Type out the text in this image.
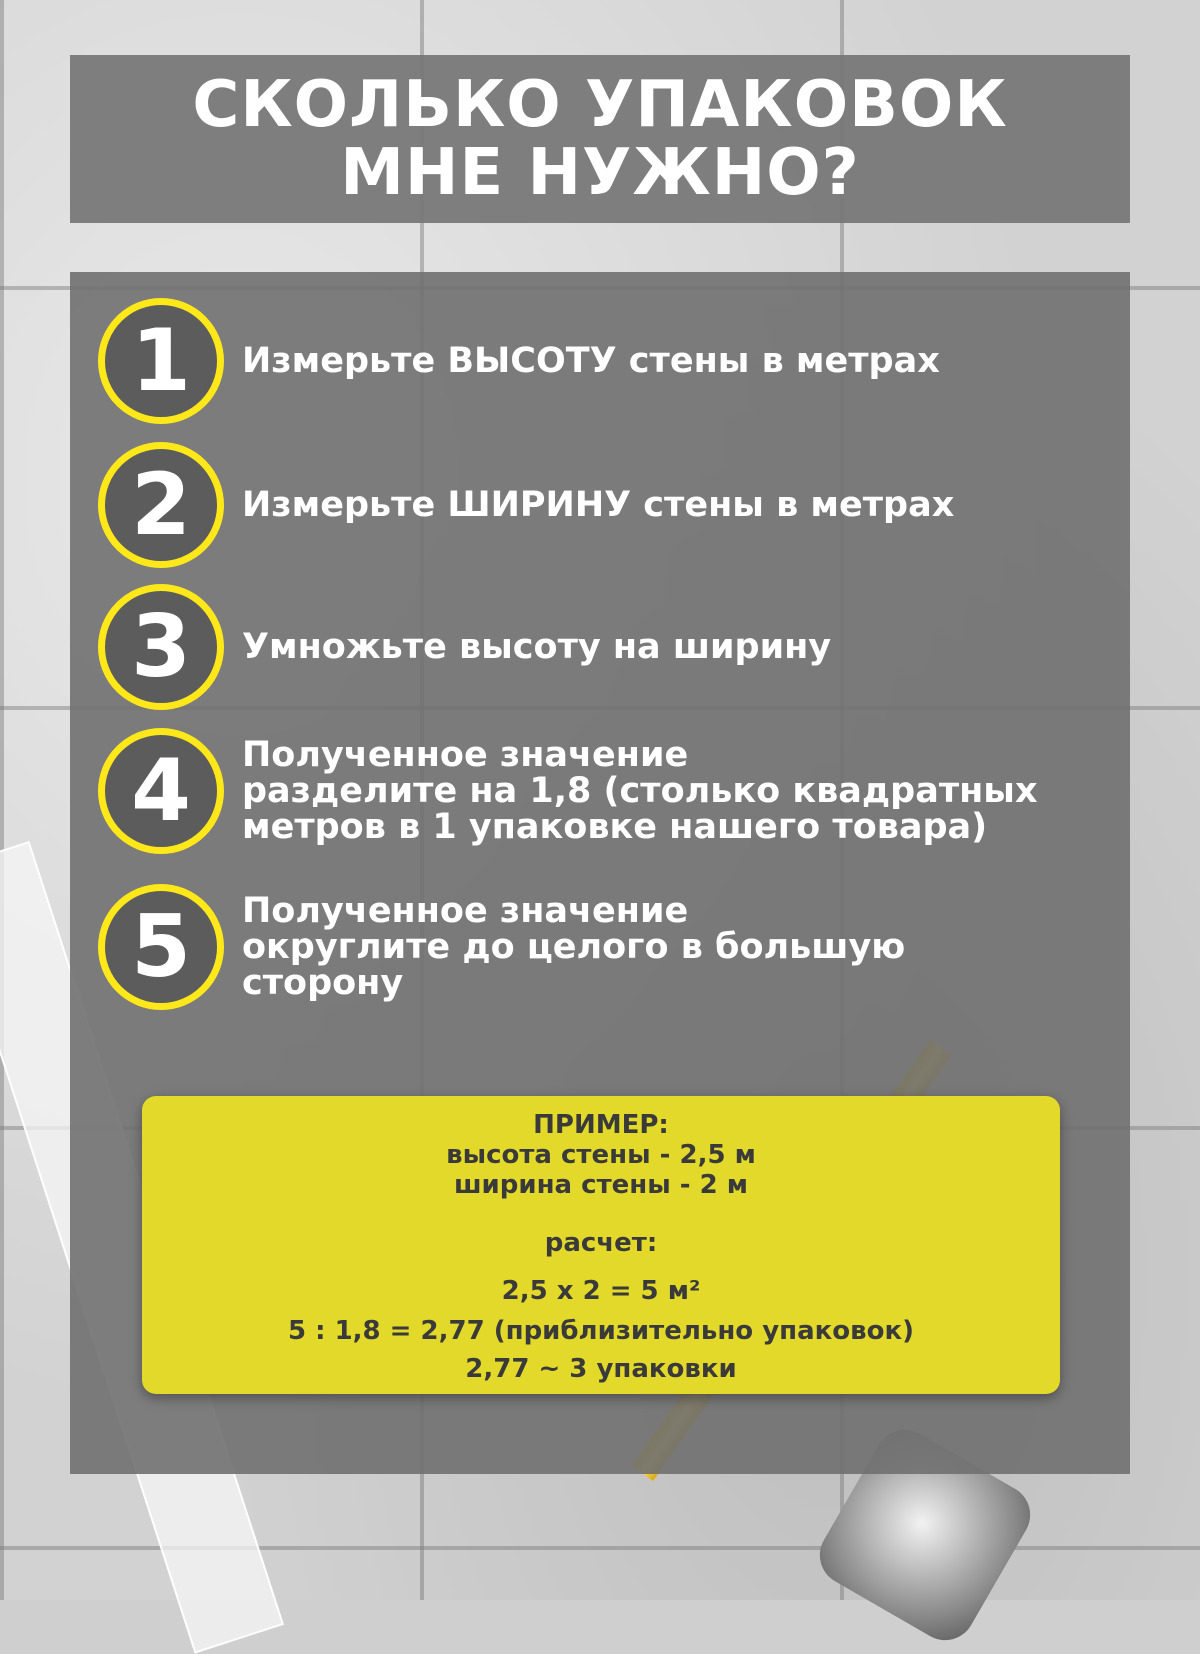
СКОЛЬКО УПАКОВОК
МНЕ НУЖНО?
1	Измерьте ВЫСОТУ стены в метрах
2	Измерьте ШИРИНУ стены в метрах
3	Умножьте высоту на ширину
4	Полученное значение
разделите на 1,8 (столько квадратных
метров в 1 упаковке нашего товара)
5	Полученное значение
округлите до целого в большую
сторону
ПРИМЕР:
высота стены - 2,5 м
ширина стены - 2 м
расчет:
2,5 х 2 = 5 м²
5 : 1,8 = 2,77 (приблизительно упаковок)
2,77 ~ 3 упаковки
